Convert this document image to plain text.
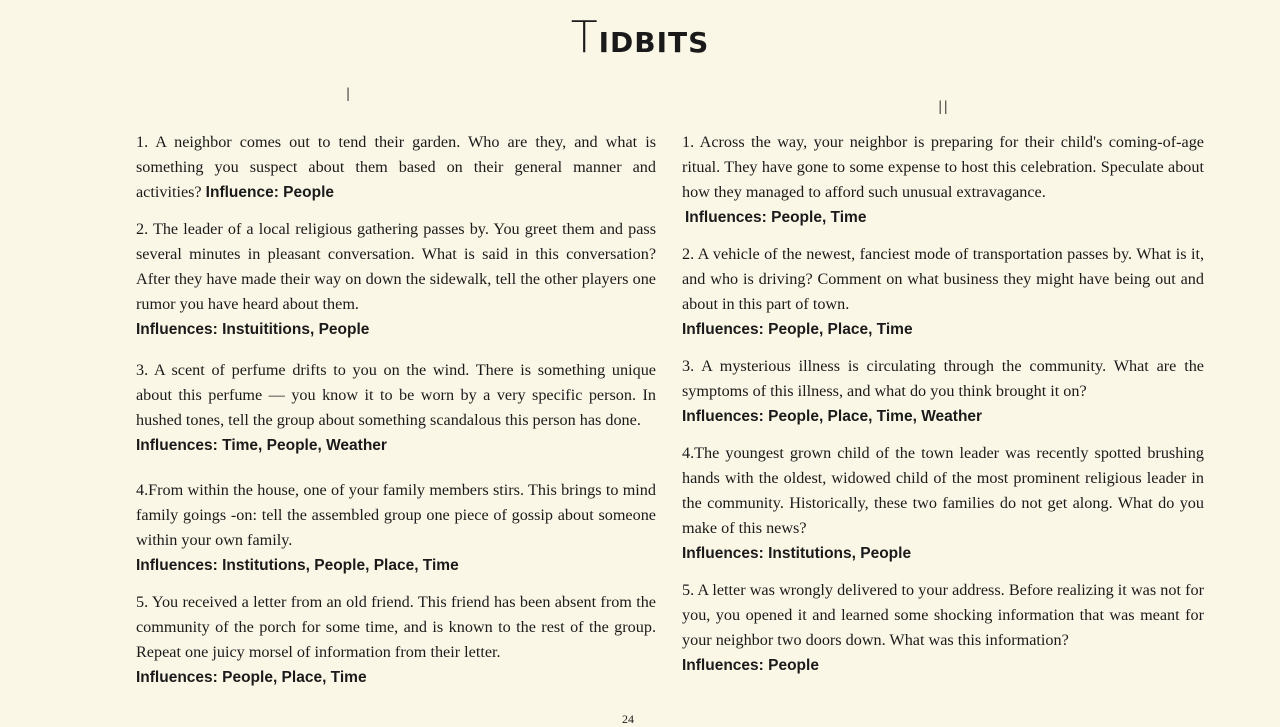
TIDBITS
I

1. A neighbor comes out to tend their garden. Who are they, and what is something you suspect about them based on their general manner and activities? Influence: People

2. The leader of a local religious gathering passes by. You greet them and pass several minutes in pleasant conversation. What is said in this conversation? After they have made their way on down the sidewalk, tell the other players one rumor you have heard about them.
Influences: Instuititions, People

3. A scent of perfume drifts to you on the wind. There is something unique about this perfume — you know it to be worn by a very specific person. In hushed tones, tell the group about something scandalous this person has done.
Influences: Time, People, Weather

4.From within the house, one of your family members stirs. This brings to mind family goings -on: tell the assembled group one piece of gossip about someone within your own family.
Influences: Institutions, People, Place, Time

5. You received a letter from an old friend. This friend has been absent from the community of the porch for some time, and is known to the rest of the group. Repeat one juicy morsel of information from their letter.
Influences: People, Place, Time

II

1. Across the way, your neighbor is preparing for their child's coming-of-age ritual. They have gone to some expense to host this celebration. Speculate about how they managed to afford such unusual extravagance.
Influences: People, Time

2. A vehicle of the newest, fanciest mode of transportation passes by. What is it, and who is driving? Comment on what business they might have being out and about in this part of town.
Influences: People, Place, Time

3. A mysterious illness is circulating through the community. What are the symptoms of this illness, and what do you think brought it on?
Influences: People, Place, Time, Weather

4.The youngest grown child of the town leader was recently spotted brushing hands with the oldest, widowed child of the most prominent religious leader in the community. Historically, these two families do not get along. What do you make of this news?
Influences: Institutions, People

5. A letter was wrongly delivered to your address. Before realizing it was not for you, you opened it and learned some shocking information that was meant for your neighbor two doors down. What was this information?
Influences: People

24
